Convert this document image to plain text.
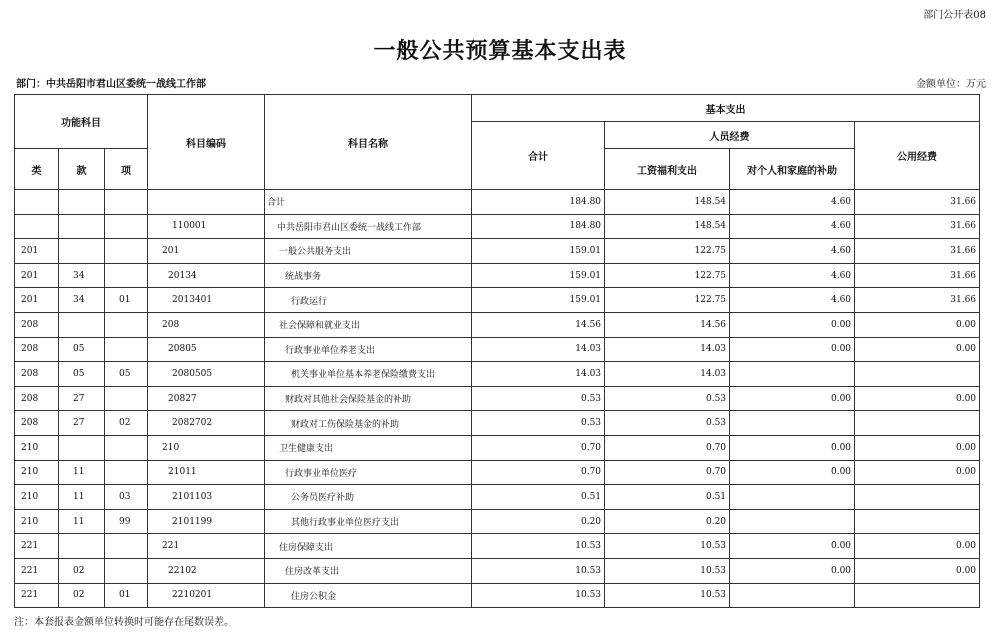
部门公开表08
一般公共预算基本支出表
部门：中共岳阳市君山区委统一战线工作部	金额单位：万元
功能科目			科目编码	科目名称	基本支出			
					合计	人员经费		公用经费
类	款	项				工资福利支出	对个人和家庭的补助	
				合计	184.80	148.54	4.60	31.66
			110001	中共岳阳市君山区委统一战线工作部	184.80	148.54	4.60	31.66
201			201	一般公共服务支出	159.01	122.75	4.60	31.66
201	34		20134	统战事务	159.01	122.75	4.60	31.66
201	34	01	2013401	行政运行	159.01	122.75	4.60	31.66
208			208	社会保障和就业支出	14.56	14.56	0.00	0.00
208	05		20805	行政事业单位养老支出	14.03	14.03	0.00	0.00
208	05	05	2080505	机关事业单位基本养老保险缴费支出	14.03	14.03		
208	27		20827	财政对其他社会保险基金的补助	0.53	0.53	0.00	0.00
208	27	02	2082702	财政对工伤保险基金的补助	0.53	0.53		
210			210	卫生健康支出	0.70	0.70	0.00	0.00
210	11		21011	行政事业单位医疗	0.70	0.70	0.00	0.00
210	11	03	2101103	公务员医疗补助	0.51	0.51		
210	11	99	2101199	其他行政事业单位医疗支出	0.20	0.20		
221			221	住房保障支出	10.53	10.53	0.00	0.00
221	02		22102	住房改革支出	10.53	10.53	0.00	0.00
221	02	01	2210201	住房公积金	10.53	10.53		
注：本套报表金额单位转换时可能存在尾数误差。
